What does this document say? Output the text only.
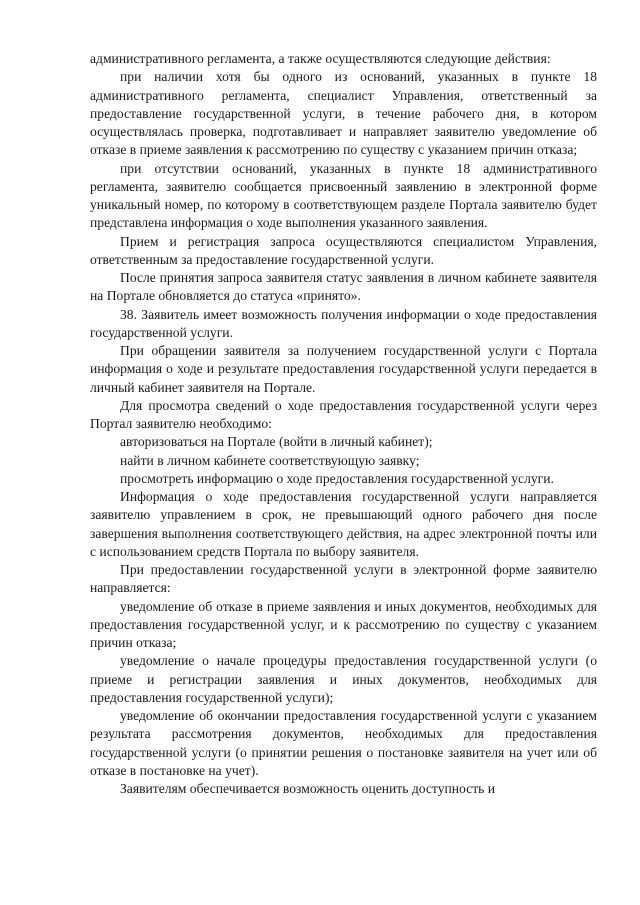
административного регламента, а также осуществляются следующие действия:

при наличии хотя бы одного из оснований, указанных в пункте 18 административного регламента, специалист Управления, ответственный за предоставление государственной услуги, в течение рабочего дня, в котором осуществлялась проверка, подготавливает и направляет заявителю уведомление об отказе в приеме заявления к рассмотрению по существу с указанием причин отказа;

при отсутствии оснований, указанных в пункте 18 административного регламента, заявителю сообщается присвоенный заявлению в электронной форме уникальный номер, по которому в соответствующем разделе Портала заявителю будет представлена информация о ходе выполнения указанного заявления.

Прием и регистрация запроса осуществляются специалистом Управления, ответственным за предоставление государственной услуги.

После принятия запроса заявителя статус заявления в личном кабинете заявителя на Портале обновляется до статуса «принято».

38. Заявитель имеет возможность получения информации о ходе предоставления государственной услуги.

При обращении заявителя за получением государственной услуги с Портала информация о ходе и результате предоставления государственной услуги передается в личный кабинет заявителя на Портале.

Для просмотра сведений о ходе предоставления государственной услуги через Портал заявителю необходимо:

авторизоваться на Портале (войти в личный кабинет);

найти в личном кабинете соответствующую заявку;

просмотреть информацию о ходе предоставления государственной услуги.

Информация о ходе предоставления государственной услуги направляется заявителю управлением в срок, не превышающий одного рабочего дня после завершения выполнения соответствующего действия, на адрес электронной почты или с использованием средств Портала по выбору заявителя.

При предоставлении государственной услуги в электронной форме заявителю направляется:

уведомление об отказе в приеме заявления и иных документов, необходимых для предоставления государственной услуг, и к рассмотрению по существу с указанием причин отказа;

уведомление о начале процедуры предоставления государственной услуги (о приеме и регистрации заявления и иных документов, необходимых для предоставления государственной услуги);

уведомление об окончании предоставления государственной услуги с указанием результата рассмотрения документов, необходимых для предоставления государственной услуги (о принятии решения о постановке заявителя на учет или об отказе в постановке на учет).

Заявителям обеспечивается возможность оценить доступность и
